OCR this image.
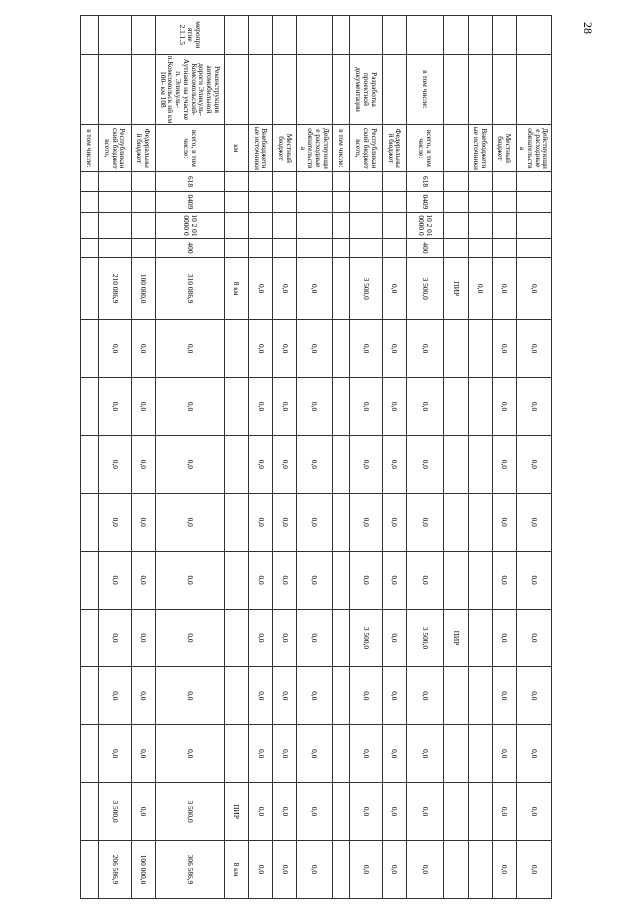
28
		Действующи е расходные обязательств а					0,0	0,0	0,0	0,0	0,0	0,0	0,0	0,0	0,0	0,0	0,0
		Местный бюджет					0,0	0,0	0,0	0,0	0,0	0,0	0,0	0,0	0,0	0,0	0,0
		Внебюджетн ые источники					0,0										
							ПИР						ПИР				
	в том числе:	всего, в том числе:	618	0409	10 2 01 0000 0	400	3 500,0	0,0	0,0	0,0	0,0	0,0	3 500,0	0,0	0,0	0,0	0,0
		Федеральны й бюджет					0,0	0,0	0,0	0,0	0,0	0,0	0,0	0,0	0,0	0,0	0,0
	Разработка проектной документации	Республикан ский бюджет всего,					3 500,0	0,0	0,0	0,0	0,0	0,0	3 500,0	0,0	0,0	0,0	0,0
		в том числе:															
		Действующи е расходные обязательств а					0,0	0,0	0,0	0,0	0,0	0,0	0,0	0,0	0,0	0,0	0,0
		Местный бюджет					0,0	0,0	0,0	0,0	0,0	0,0	0,0	0,0	0,0	0,0	0,0
		Внебюджетн ые источники					0,0	0,0	0,0	0,0	0,0	0,0	0,0	0,0	0,0	0,0	0,0
		км					8 км									ПИР	8 км
меропри ятие 2.1.1.5	Реконструкция автомобильной дороги Эликуль-Комсомольский-Аутнаяи на участке п. Эликуль-п.Комсомольск ий км 100- км 108	всего, в том числе:	618	0409	10 2 01 0000 0	400	310 086,9	0,0	0,0	0,0	0,0	0,0	0,0	0,0	0,0	3 500,0	306 586,9
		Федеральны й бюджет					100 000,0	0,0	0,0	0,0	0,0	0,0	0,0	0,0	0,0	0,0	100 000,0
		Республикан ский бюджет всего,					210 086,9	0,0	0,0	0,0	0,0	0,0	0,0	0,0	0,0	3 500,0	206 586,9
		в том числе:															
